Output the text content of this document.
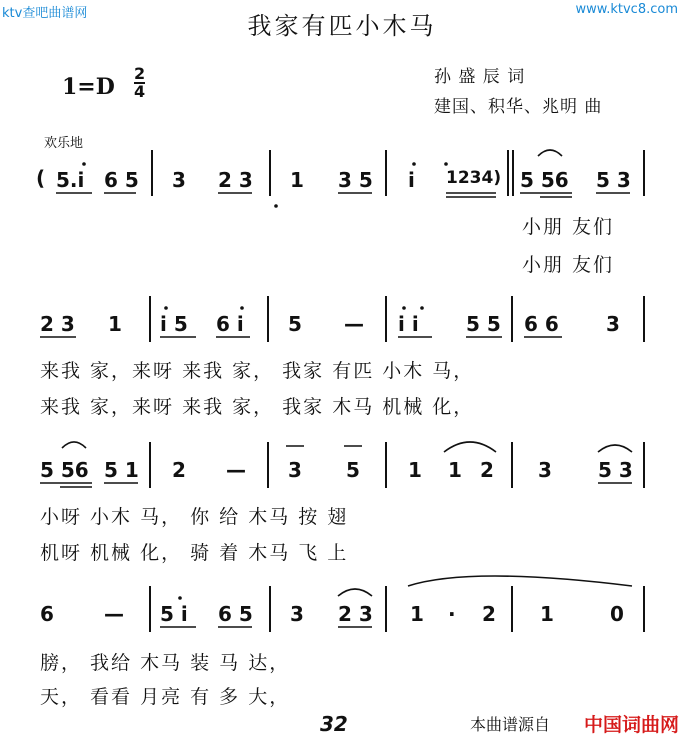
ktv查吧曲谱网	www.ktvc8.com
我家有匹小木马
$1=D \frac{2}{4}$	孙 盛 辰 词
建国、积华、兆明 曲
欢乐地
( 5.i 6 5 3 2 3 1 3 5 i 1234) 5 56 5 3
小朋 友们
小朋 友们
2 3 1 i 5 6 i 5 — i i 5 5 6 6 3
来我 家，来呀 来我 家， 我家 有匹 小木 马，
来我 家，来呀 来我 家， 我家 木马 机械 化，
5 56 5 1 2 — 3 5 1 1 2 3 5 3
小呀 小木 马， 你 给 木马 按 翅
机呀 机械 化， 骑 着 木马 飞 上
6	— 5 i 6 5 3 2 3 1 · 2 1	0
膀， 我给 木马 装 马 达，
天， 看看 月亮 有 多 大，
32	本曲谱源自 中国词曲网
